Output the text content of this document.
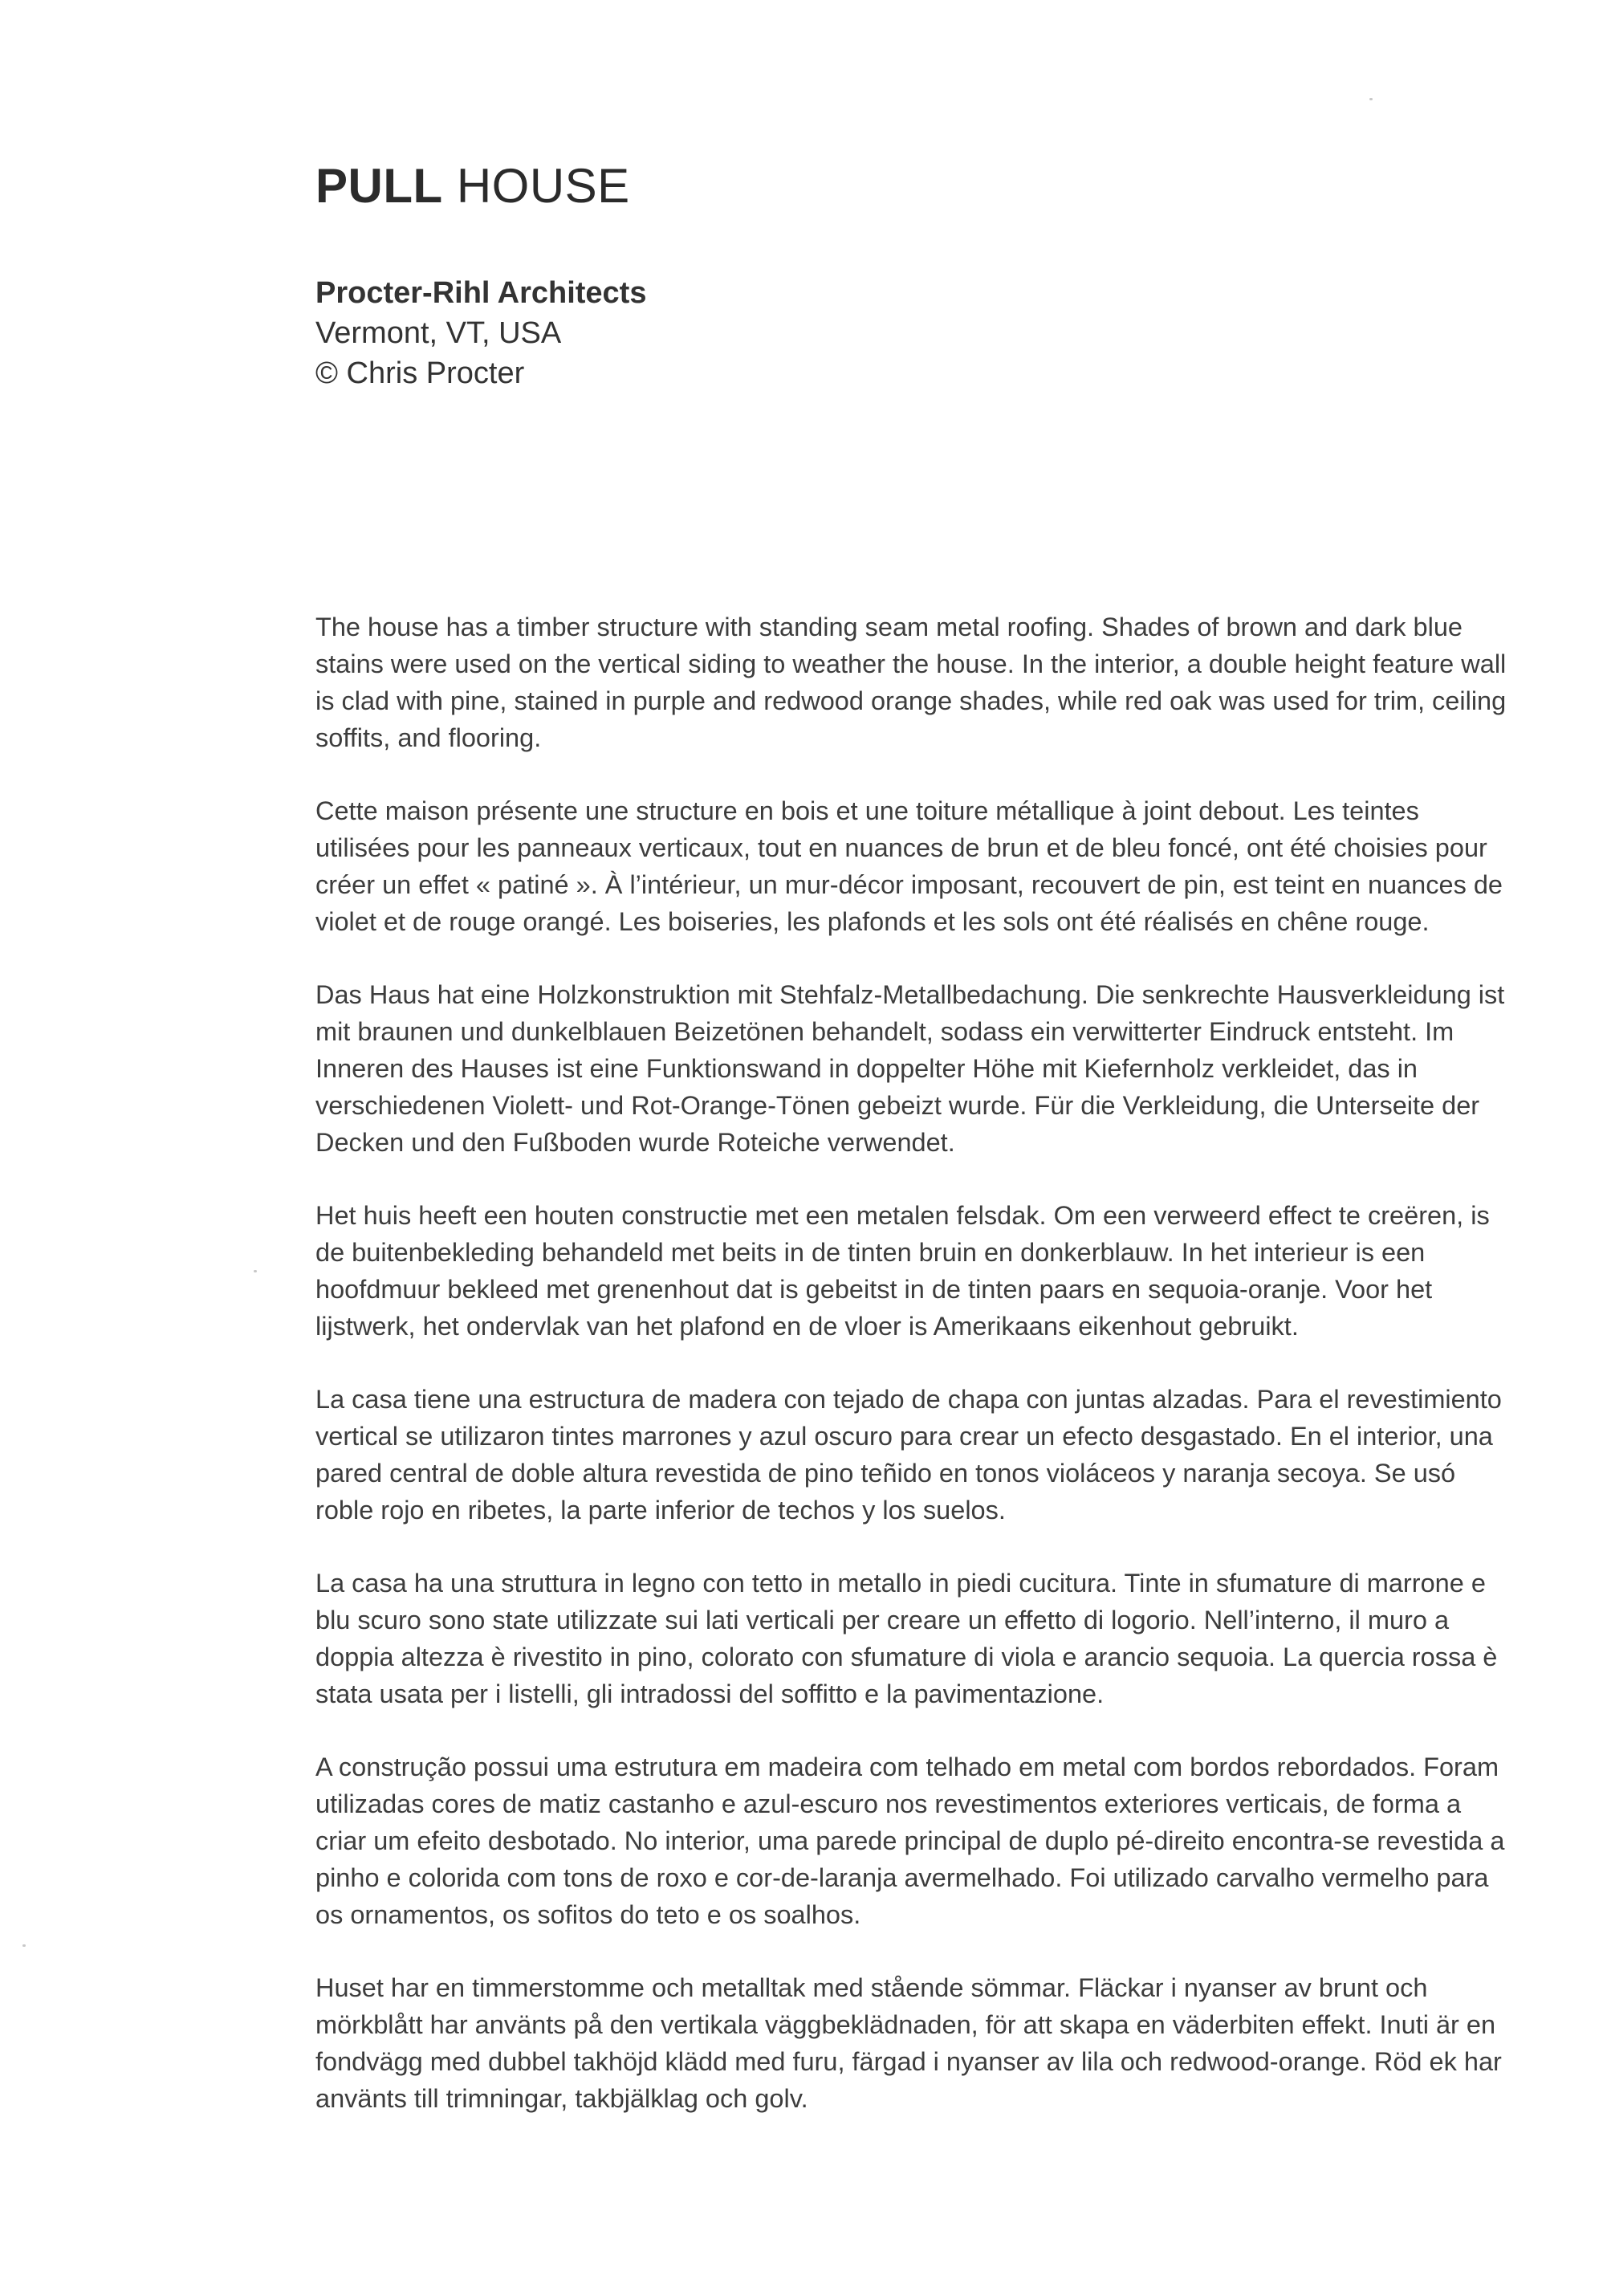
PULL HOUSE
Procter-Rihl Architects
Vermont, VT, USA
© Chris Procter

The house has a timber structure with standing seam metal roofing. Shades of brown and dark blue stains were used on the vertical siding to weather the house. In the interior, a double height feature wall is clad with pine, stained in purple and redwood orange shades, while red oak was used for trim, ceiling soffits, and flooring.

Cette maison présente une structure en bois et une toiture métallique à joint debout. Les teintes utilisées pour les panneaux verticaux, tout en nuances de brun et de bleu foncé, ont été choisies pour créer un effet « patiné ». À l’intérieur, un mur-décor imposant, recouvert de pin, est teint en nuances de violet et de rouge orangé. Les boiseries, les plafonds et les sols ont été réalisés en chêne rouge.

Das Haus hat eine Holzkonstruktion mit Stehfalz-Metallbedachung. Die senkrechte Hausverkleidung ist mit braunen und dunkelblauen Beizetönen behandelt, sodass ein verwitterter Eindruck entsteht. Im Inneren des Hauses ist eine Funktionswand in doppelter Höhe mit Kiefernholz verkleidet, das in verschiedenen Violett- und Rot-Orange-Tönen gebeizt wurde. Für die Verkleidung, die Unterseite der Decken und den Fußboden wurde Roteiche verwendet.

Het huis heeft een houten constructie met een metalen felsdak. Om een verweerd effect te creëren, is de buitenbekleding behandeld met beits in de tinten bruin en donkerblauw. In het interieur is een hoofdmuur bekleed met grenenhout dat is gebeitst in de tinten paars en sequoia-oranje. Voor het lijstwerk, het ondervlak van het plafond en de vloer is Amerikaans eikenhout gebruikt.

La casa tiene una estructura de madera con tejado de chapa con juntas alzadas. Para el revestimiento vertical se utilizaron tintes marrones y azul oscuro para crear un efecto desgastado. En el interior, una pared central de doble altura revestida de pino teñido en tonos violáceos y naranja secoya. Se usó roble rojo en ribetes, la parte inferior de techos y los suelos.

La casa ha una struttura in legno con tetto in metallo in piedi cucitura. Tinte in sfumature di marrone e blu scuro sono state utilizzate sui lati verticali per creare un effetto di logorio. Nell’interno, il muro a doppia altezza è rivestito in pino, colorato con sfumature di viola e arancio sequoia. La quercia rossa è stata usata per i listelli, gli intradossi del soffitto e la pavimentazione.

A construção possui uma estrutura em madeira com telhado em metal com bordos rebordados. Foram utilizadas cores de matiz castanho e azul-escuro nos revestimentos exteriores verticais, de forma a criar um efeito desbotado. No interior, uma parede principal de duplo pé-direito encontra-se revestida a pinho e colorida com tons de roxo e cor-de-laranja avermelhado. Foi utilizado carvalho vermelho para os ornamentos, os sofitos do teto e os soalhos.

Huset har en timmerstomme och metalltak med stående sömmar. Fläckar i nyanser av brunt och mörkblått har använts på den vertikala väggbeklädnaden, för att skapa en väderbiten effekt. Inuti är en fondvägg med dubbel takhöjd klädd med furu, färgad i nyanser av lila och redwood-orange. Röd ek har använts till trimningar, takbjälklag och golv.
